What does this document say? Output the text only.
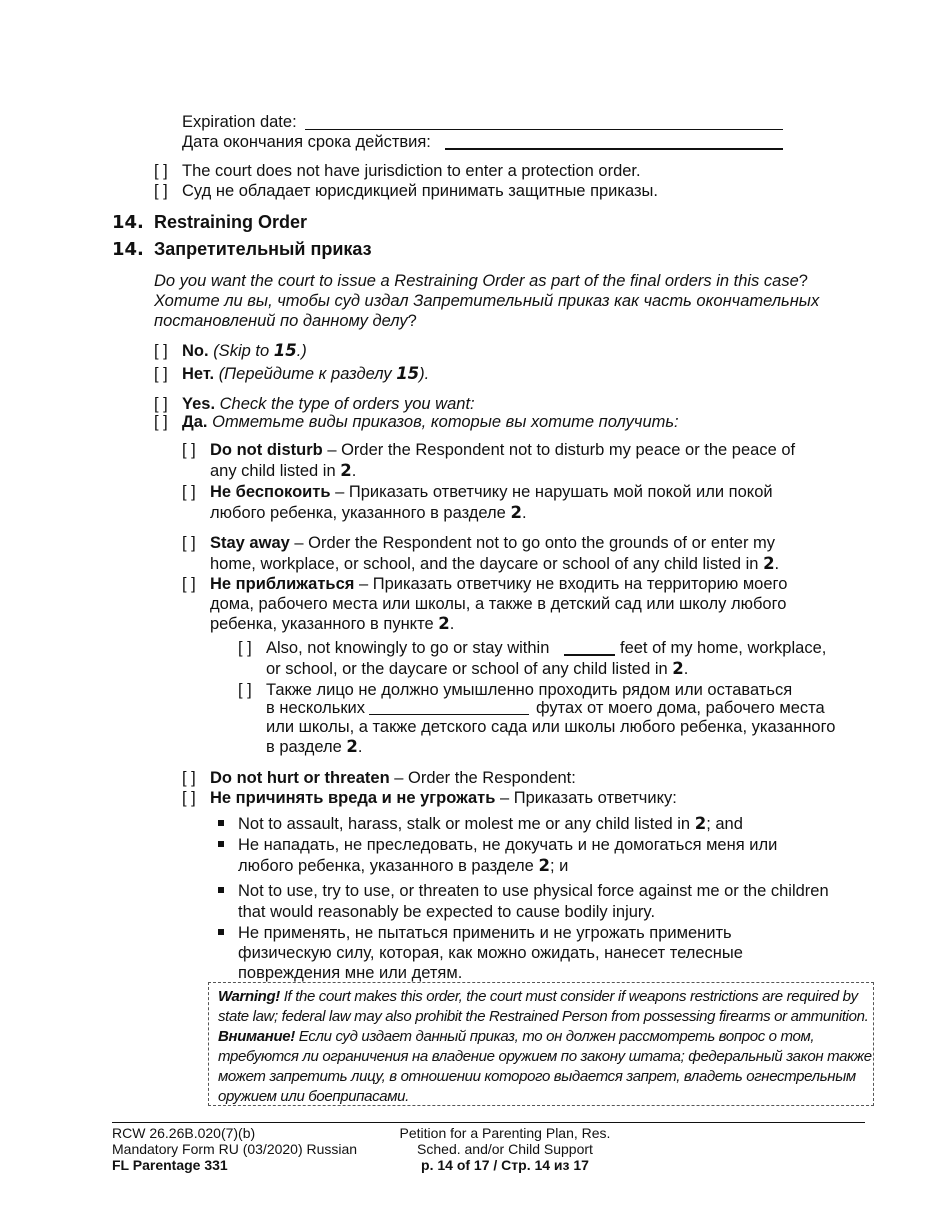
Expiration date:
Дата окончания срока действия:
[ ] The court does not have jurisdiction to enter a protection order.
[ ] Суд не обладает юрисдикцией принимать защитные приказы.
14. Restraining Order
14. Запретительный приказ
Do you want the court to issue a Restraining Order as part of the final orders in this case?
Хотите ли вы, чтобы суд издал Запретительный приказ как часть окончательных
постановлений по данному делу?
[ ] No. (Skip to 15.)
[ ] Нет. (Перейдите к разделу 15).
[ ] Yes. Check the type of orders you want:
[ ] Да. Отметьте виды приказов, которые вы хотите получить:
[ ] Do not disturb – Order the Respondent not to disturb my peace or the peace of
any child listed in 2.
[ ] Не беспокоить – Приказать ответчику не нарушать мой покой или покой
любого ребенка, указанного в разделе 2.
[ ] Stay away – Order the Respondent not to go onto the grounds of or enter my
home, workplace, or school, and the daycare or school of any child listed in 2.
[ ] Не приближаться – Приказать ответчику не входить на территорию моего
дома, рабочего места или школы, а также в детский сад или школу любого
ребенка, указанного в пункте 2.
[ ] Also, not knowingly to go or stay within	feet of my home, workplace,
or school, or the daycare or school of any child listed in 2.
[ ] Также лицо не должно умышленно проходить рядом или оставаться
в нескольких	футах от моего дома, рабочего места
или школы, а также детского сада или школы любого ребенка, указанного
в разделе 2.
[ ] Do not hurt or threaten – Order the Respondent:
[ ] Не причинять вреда и не угрожать – Приказать ответчику:
Not to assault, harass, stalk or molest me or any child listed in 2; and
Не нападать, не преследовать, не докучать и не домогаться меня или
любого ребенка, указанного в разделе 2; и
Not to use, try to use, or threaten to use physical force against me or the children
that would reasonably be expected to cause bodily injury.
Не применять, не пытаться применить и не угрожать применить
физическую силу, которая, как можно ожидать, нанесет телесные
повреждения мне или детям.
Warning! If the court makes this order, the court must consider if weapons restrictions are required by
state law; federal law may also prohibit the Restrained Person from possessing firearms or ammunition.
Внимание! Если суд издает данный приказ, то он должен рассмотреть вопрос о том,
требуются ли ограничения на владение оружием по закону штата; федеральный закон также
может запретить лицу, в отношении которого выдается запрет, владеть огнестрельным
оружием или боеприпасами.
RCW 26.26B.020(7)(b)
Mandatory Form RU (03/2020) Russian
FL Parentage 331
Petition for a Parenting Plan, Res.
Sched. and/or Child Support
p. 14 of 17 / Стр. 14 из 17
